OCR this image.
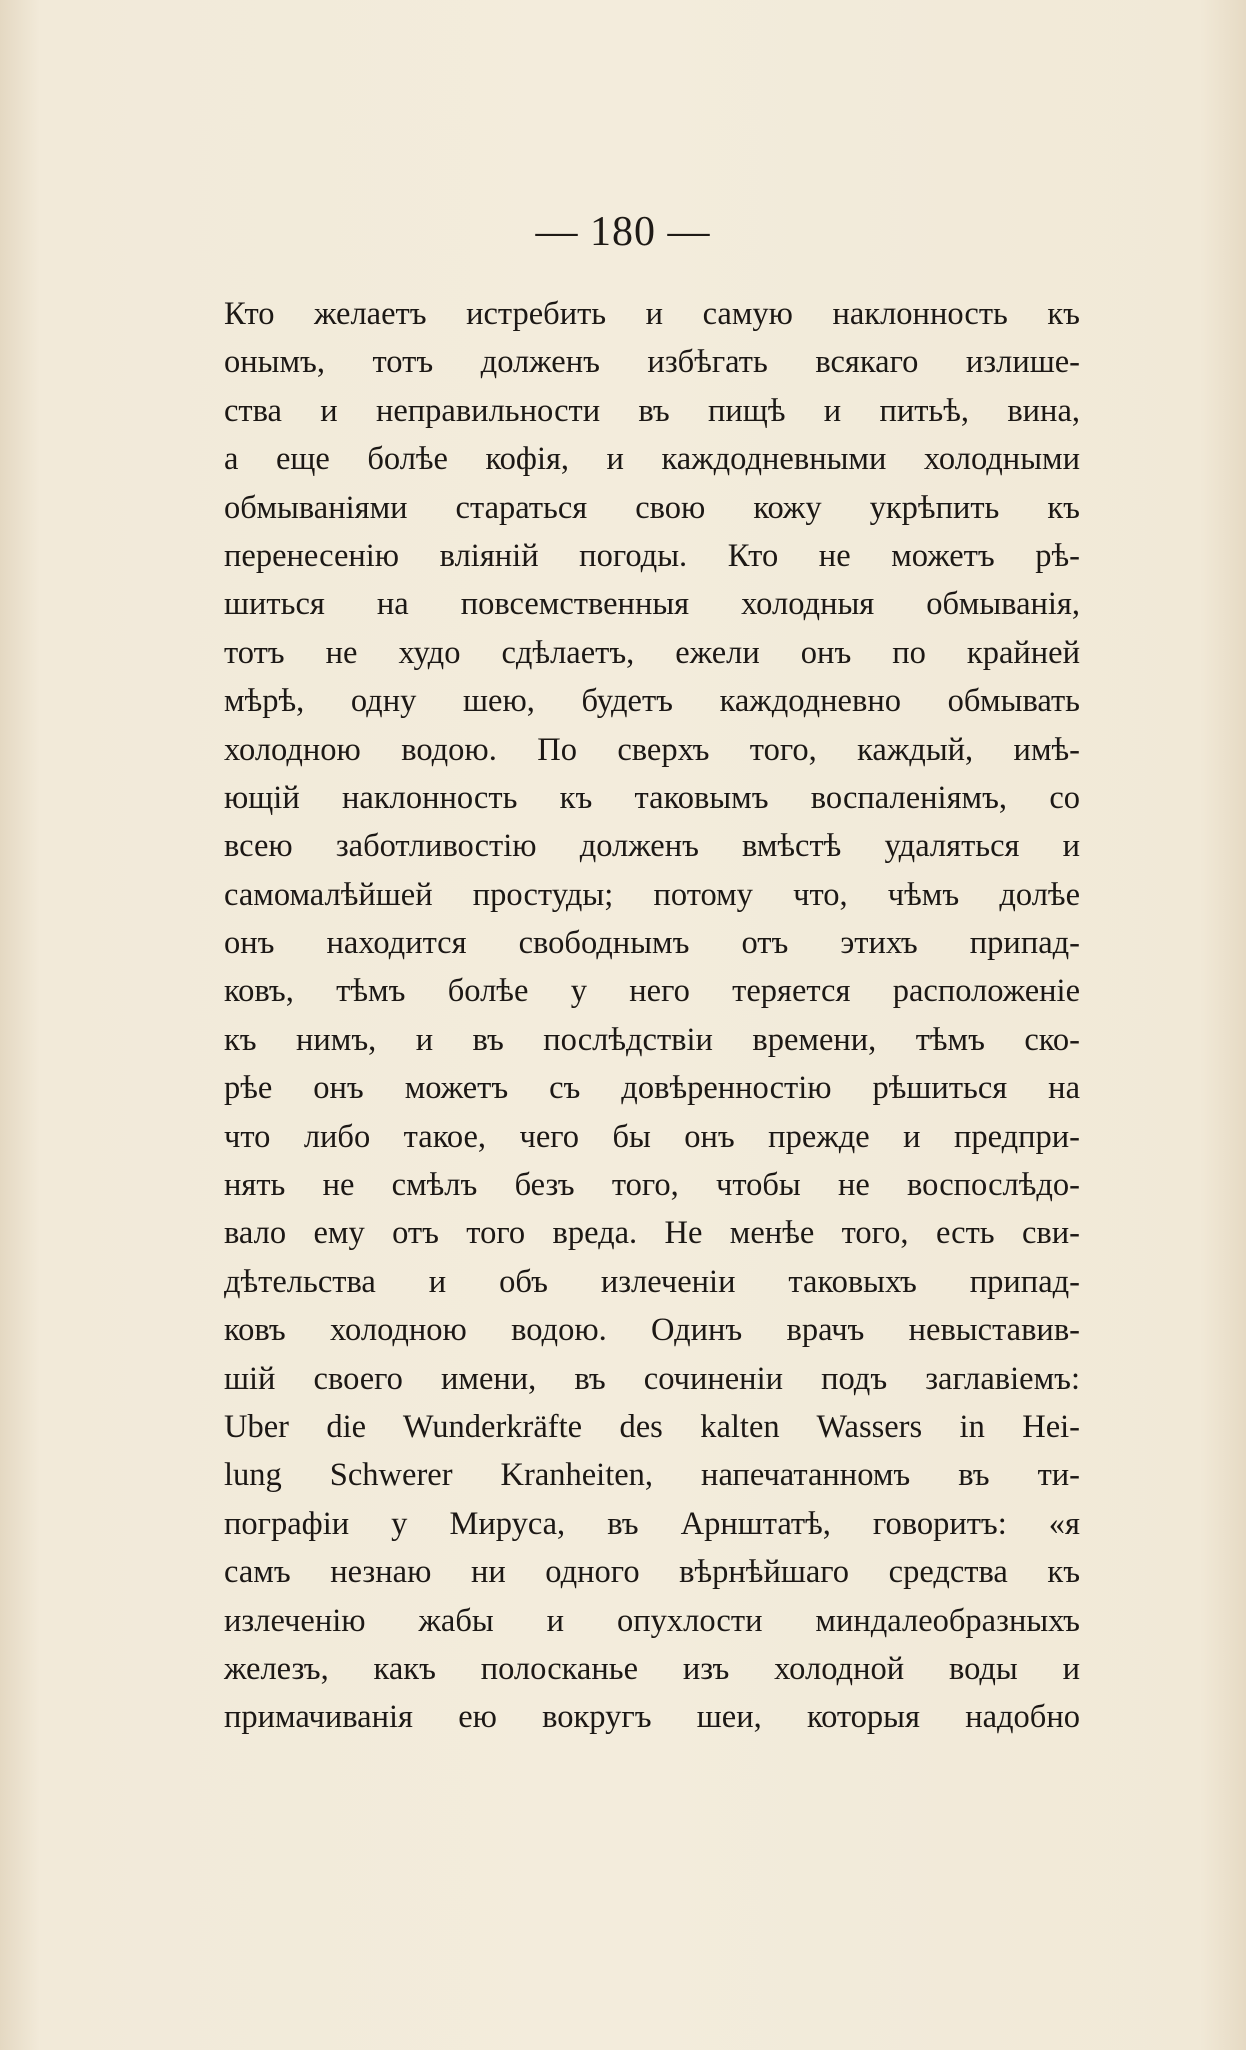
— 180 —
Кто желаетъ истребить и самую наклонность къ
онымъ, тотъ долженъ избѣгать всякаго излише-
ства и неправильности въ пищѣ и питьѣ, вина,
а еще болѣе кофія, и каждодневными холодными
обмываніями стараться свою кожу укрѣпить къ
перенесенію вліяній погоды. Кто не можетъ рѣ-
шиться на повсемственныя холодныя обмыванія,
тотъ не худо сдѣлаетъ, ежели онъ по крайней
мѣрѣ, одну шею, будетъ каждодневно обмывать
холодною водою. По сверхъ того, каждый, имѣ-
ющій наклонность къ таковымъ воспаленіямъ, со
всею заботливостію долженъ вмѣстѣ удаляться и
самомалѣйшей простуды; потому что, чѣмъ долѣе
онъ находится свободнымъ отъ этихъ припад-
ковъ, тѣмъ болѣе у него теряется расположеніе
къ нимъ, и въ послѣдствіи времени, тѣмъ ско-
рѣе онъ можетъ съ довѣренностію рѣшиться на
что либо такое, чего бы онъ прежде и предпри-
нять не смѣлъ безъ того, чтобы не воспослѣдо-
вало ему отъ того вреда. Не менѣе того, есть сви-
дѣтельства и объ излеченіи таковыхъ припад-
ковъ холодною водою. Одинъ врачъ невыставив-
шій своего имени, въ сочиненіи подъ заглавіемъ:
Uber die Wunderkräfte des kalten Wassers in Hei-
lung Schwerer Kranheiten, напечатанномъ въ ти-
пографіи у Мируса, въ Арнштатѣ, говоритъ: «я
самъ незнаю ни одного вѣрнѣйшаго средства къ
излеченію жабы и опухлости миндалеобразныхъ
железъ, какъ полосканье изъ холодной воды и
примачиванія ею вокругъ шеи, которыя надобно
